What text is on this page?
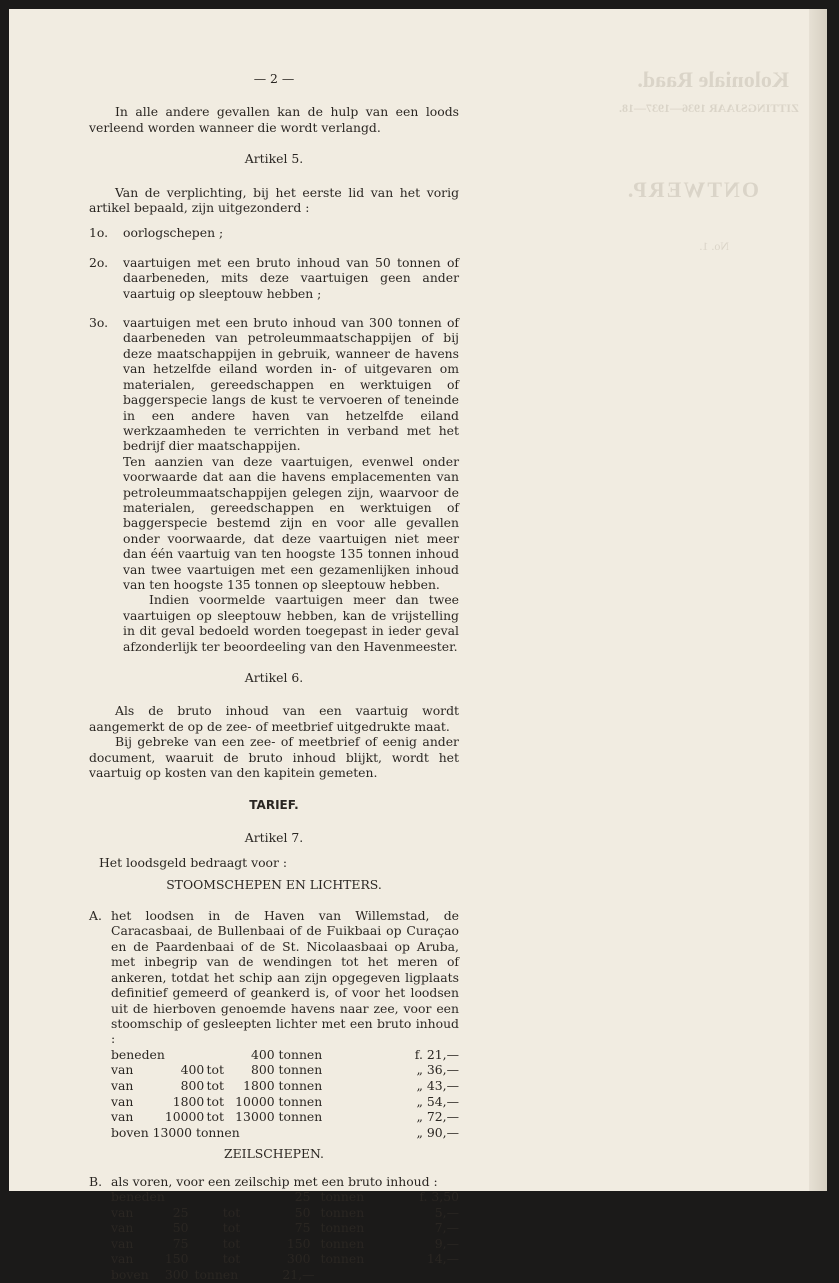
Koloniale Raad.
ZITTINGSJAAR 1936—1937—18.
ONTWERP.
No. 1.
— 2 —

In alle andere gevallen kan de hulp van een loods verleend worden wanneer die wordt verlangd.

Artikel 5.

Van de verplichting, bij het eerste lid van het vorig artikel bepaald, zijn uitgezonderd :

1o.	oorlogschepen ;
2o.	vaartuigen met een bruto inhoud van 50 tonnen of daarbeneden, mits deze vaartuigen geen ander vaartuig op sleeptouw hebben ;
3o.	vaartuigen met een bruto inhoud van 300 tonnen of daarbeneden van petroleummaatschappijen of bij deze maatschappijen in gebruik, wanneer de havens van hetzelfde eiland worden in- of uitgevaren om materialen, gereedschappen en werktuigen of baggerspecie langs de kust te vervoeren of teneinde in een andere haven van hetzelfde eiland werkzaamheden te verrichten in verband met het bedrijf dier maatschappijen.

Ten aanzien van deze vaartuigen, evenwel onder voorwaarde dat aan die havens emplacementen van petroleummaatschappijen gelegen zijn, waarvoor de materialen, gereedschappen en werktuigen of baggerspecie bestemd zijn en voor alle gevallen onder voorwaarde, dat deze vaartuigen niet meer dan één vaartuig van ten hoogste 135 tonnen inhoud van twee vaartuigen met een gezamenlijken inhoud van ten hoogste 135 tonnen op sleeptouw hebben.

Indien voormelde vaartuigen meer dan twee vaartuigen op sleeptouw hebben, kan de vrijstelling in dit geval bedoeld worden toegepast in ieder geval afzonderlijk ter beoordeeling van den Havenmeester.

Artikel 6.

Als de bruto inhoud van een vaartuig wordt aangemerkt de op de zee- of meetbrief uitgedrukte maat.

Bij gebreke van een zee- of meetbrief of eenig ander document, waaruit de bruto inhoud blijkt, wordt het vaartuig op kosten van den kapitein gemeten.

TARIEF.
Artikel 7.

Het loodsgeld bedraagt voor :

STOOMSCHEPEN EN LICHTERS.
A. het loodsen in de Haven van Willemstad, de Caracasbaai, de Bullenbaai of de Fuikbaai op Curaçao en de Paardenbaai of de St. Nicolaasbaai op Aruba, met inbegrip van de wendingen tot het meren of ankeren, totdat het schip aan zijn opgegeven ligplaats definitief gemeerd of geankerd is, of voor het loodsen uit de hierboven genoemde havens naar zee, voor een stoomschip of gesleepten lichter met een bruto inhoud :
beneden			400 tonnen	f. 21,—
van	400	tot	800 tonnen	„ 36,—
van	800	tot	1800 tonnen	„ 43,—
van	1800	tot	10000 tonnen	„ 54,—
van	10000	tot	13000 tonnen	„ 72,—
boven 13000 tonnen				„ 90,—
ZEILSCHEPEN.
B. als voren, voor een zeilschip met een bruto inhoud :
beneden			25	tonnen	f. 3,50
van	25	tot	50	tonnen	5,—
van	50	tot	75	tonnen	7,—
van	75	tot	150	tonnen	9,—
van	150	tot	300	tonnen	14,—
boven	300	tonnen	21,—		
